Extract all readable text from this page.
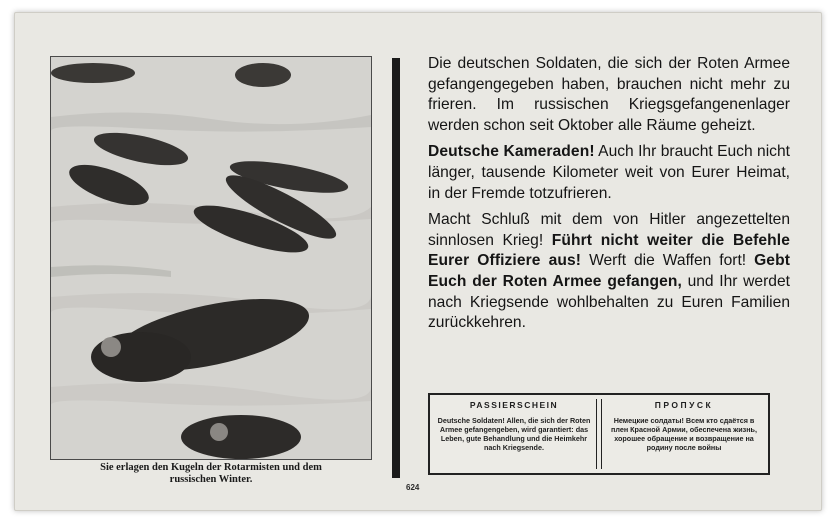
Sie erlagen den Kugeln der Rotarmisten und dem
russischen Winter.

Die deutschen Soldaten, die sich der Roten Armee gefangengegeben haben, brauchen nicht mehr zu frieren. Im russischen Kriegsgefangenenlager werden schon seit Oktober alle Räume geheizt.

Deutsche Kameraden! Auch Ihr braucht Euch nicht länger, tausende Kilometer weit von Eurer Heimat, in der Fremde totzufrieren.

Macht Schluß mit dem von Hitler angezettelten sinnlosen Krieg! Führt nicht weiter die Befehle Eurer Offiziere aus! Werft die Waffen fort! Gebt Euch der Roten Armee gefangen, und Ihr werdet nach Kriegsende wohlbehalten zu Euren Familien zurückkehren.

PASSIERSCHEIN
Deutsche Soldaten! Allen, die sich der Roten Armee gefangengeben, wird garantiert: das Leben, gute Behandlung und die Heimkehr nach Kriegsende.
ПРОПУСК
Немецкие солдаты! Всем кто сдаётся в плен Красной Армии, обеспечена жизнь, хорошее обращение и возвращение на родину после войны
624
